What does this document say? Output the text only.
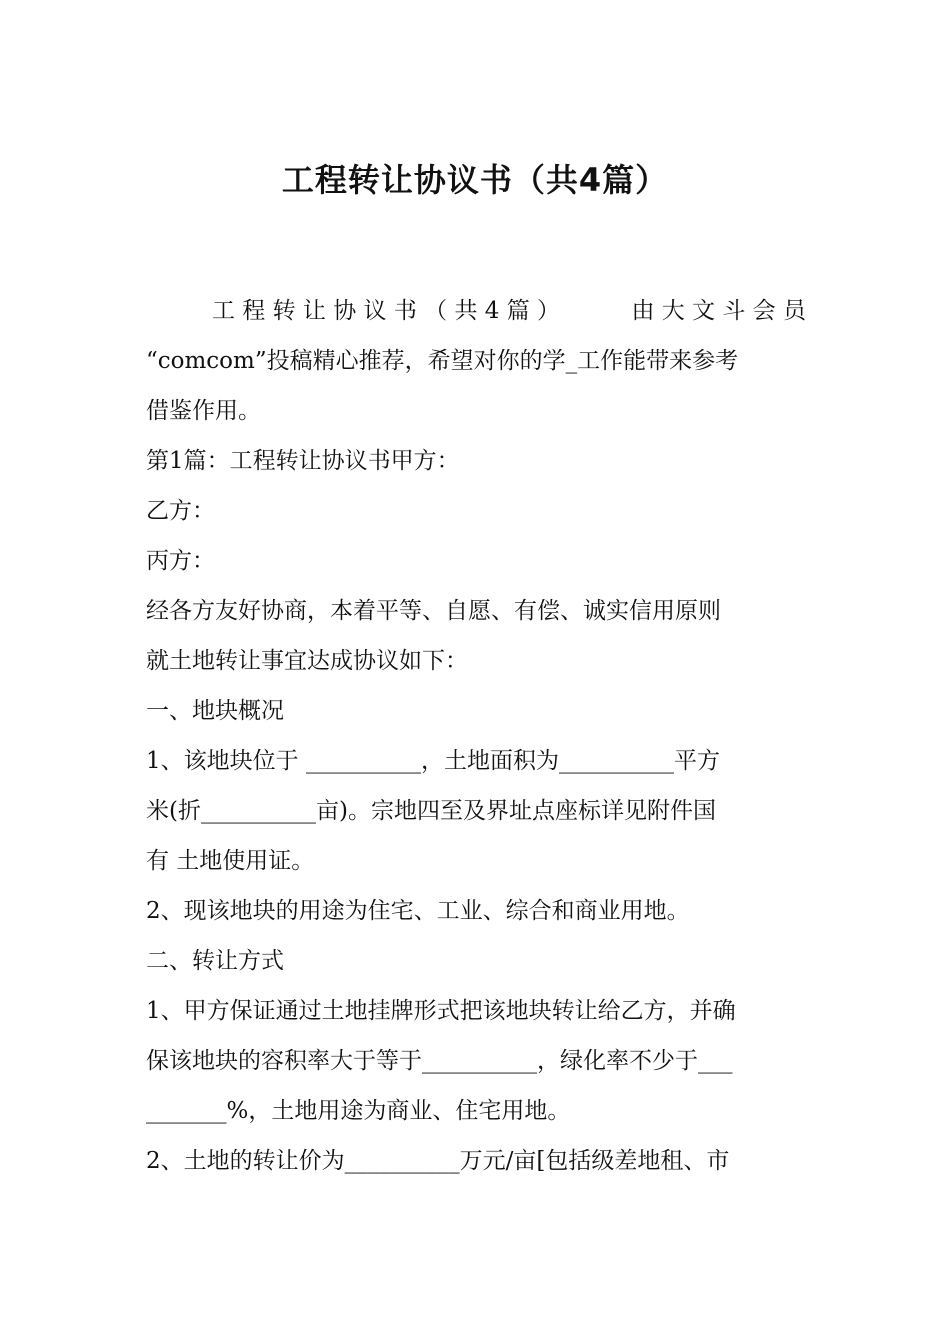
工程转让协议书（共4篇）
工 程 转 让 协 议 书 （ 共 4 篇 ）	由 大 文 斗 会 员
“comcom”投稿精心推荐，希望对你的学_工作能带来参考
借鉴作用。
第1篇：工程转让协议书甲方：
乙方：
丙方：
经各方友好协商，本着平等、自愿、有偿、诚实信用原则
就土地转让事宜达成协议如下：
一、地块概况
1、该地块位于 __________，土地面积为__________平方
米(折__________亩)。宗地四至及界址点座标详见附件国
有 土地使用证。
2、现该地块的用途为住宅、工业、综合和商业用地。
二、转让方式
1、甲方保证通过土地挂牌形式把该地块转让给乙方，并确
保该地块的容积率大于等于__________，绿化率不少于___
_______%，土地用途为商业、住宅用地。
2、土地的转让价为__________万元/亩[包括级差地租、市
